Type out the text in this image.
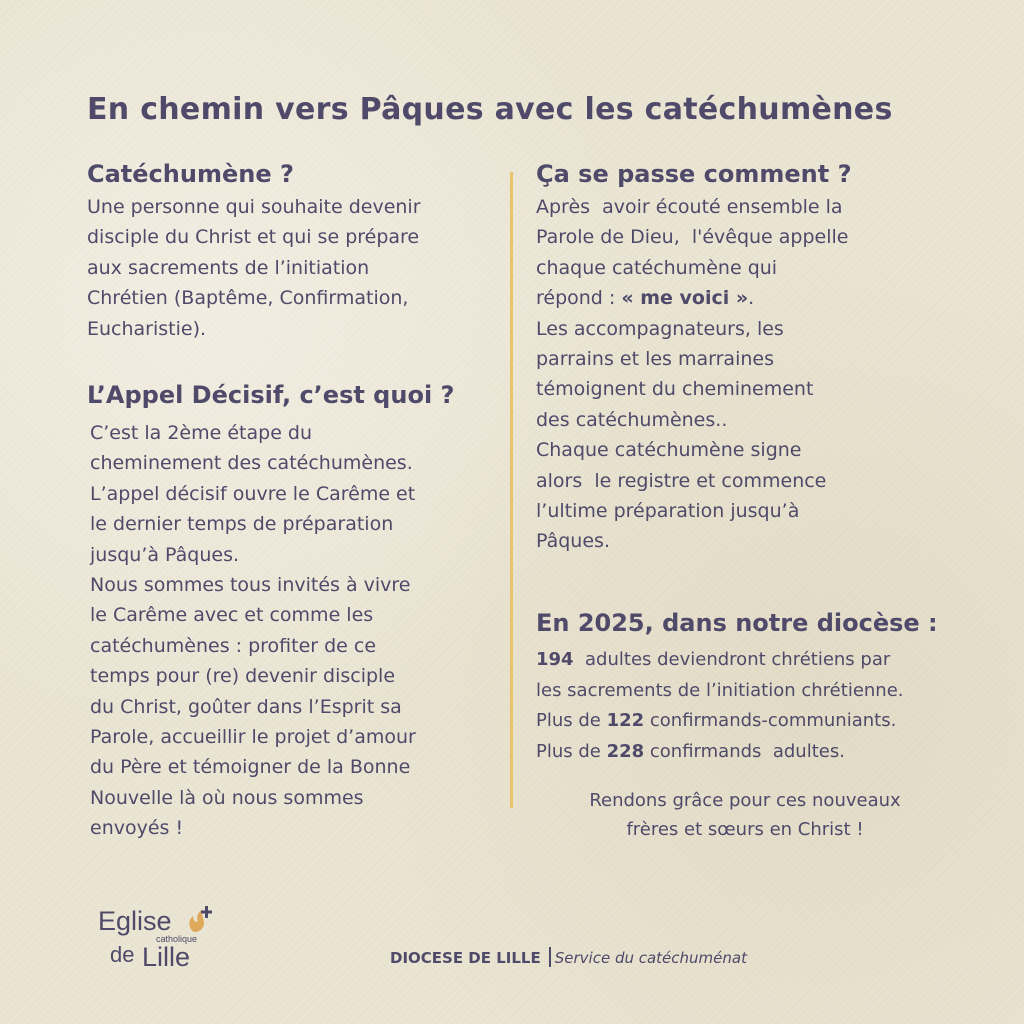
En chemin vers Pâques avec les catéchumènes
Catéchumène ?
Une personne qui souhaite devenir
disciple du Christ et qui se prépare
aux sacrements de l’initiation
Chrétien (Baptême, Confirmation,
Eucharistie).
L’Appel Décisif, c’est quoi ?
C’est la 2ème étape du
cheminement des catéchumènes.
L’appel décisif ouvre le Carême et
le dernier temps de préparation
jusqu’à Pâques.
Nous sommes tous invités à vivre
le Carême avec et comme les
catéchumènes : profiter de ce
temps pour (re) devenir disciple
du Christ, goûter dans l’Esprit sa
Parole, accueillir le projet d’amour
du Père et témoigner de la Bonne
Nouvelle là où nous sommes
envoyés !
Ça se passe comment ?
Après  avoir écouté ensemble la
Parole de Dieu,  l'évêque appelle
chaque catéchumène qui
répond : « me voici ».
Les accompagnateurs, les
parrains et les marraines
témoignent du cheminement
des catéchumènes..
Chaque catéchumène signe
alors  le registre et commence
l’ultime préparation jusqu’à
Pâques.
En 2025, dans notre diocèse :
194  adultes deviendront chrétiens par
les sacrements de l’initiation chrétienne.
Plus de 122 confirmands-communiants.
Plus de 228 confirmands  adultes.
Rendons grâce pour ces nouveaux
frères et sœurs en Christ !
Eglise
catholique
de Lille	DIOCESE DE LILLE Service du catéchuménat
